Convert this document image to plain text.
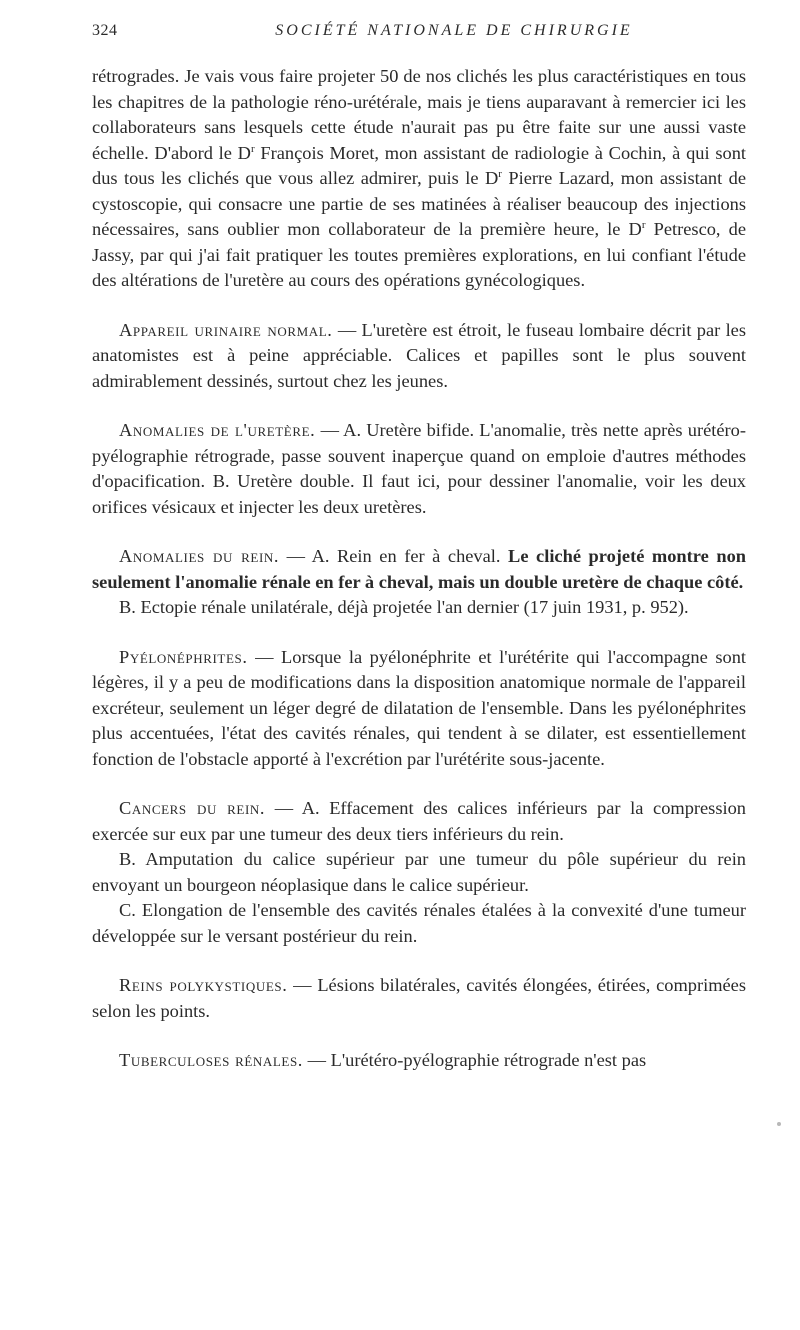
324	SOCIÉTÉ NATIONALE DE CHIRURGIE

rétrogrades. Je vais vous faire projeter 50 de nos clichés les plus caractéristiques en tous les chapitres de la pathologie réno-urétérale, mais je tiens auparavant à remercier ici les collaborateurs sans lesquels cette étude n'aurait pas pu être faite sur une aussi vaste échelle. D'abord le $D^r$ François Moret, mon assistant de radiologie à Cochin, à qui sont dus tous les clichés que vous allez admirer, puis le $D^r$ Pierre Lazard, mon assistant de cystoscopie, qui consacre une partie de ses matinées à réaliser beaucoup des injections nécessaires, sans oublier mon collaborateur de la première heure, le $D^r$ Petresco, de Jassy, par qui j'ai fait pratiquer les toutes premières explorations, en lui confiant l'étude des altérations de l'uretère au cours des opérations gynécologiques.

Appareil urinaire normal. — L'uretère est étroit, le fuseau lombaire décrit par les anatomistes est à peine appréciable. Calices et papilles sont le plus souvent admirablement dessinés, surtout chez les jeunes.

Anomalies de l'uretère. — A. Uretère bifide. L'anomalie, très nette après urétéro-pyélographie rétrograde, passe souvent inaperçue quand on emploie d'autres méthodes d'opacification. B. Uretère double. Il faut ici, pour dessiner l'anomalie, voir les deux orifices vésicaux et injecter les deux uretères.

Anomalies du rein. — A. Rein en fer à cheval. Le cliché projeté montre non seulement l'anomalie rénale en fer à cheval, mais un double uretère de chaque côté.

B. Ectopie rénale unilatérale, déjà projetée l'an dernier (17 juin 1931, p. 952).

Pyélonéphrites. — Lorsque la pyélonéphrite et l'urétérite qui l'accompagne sont légères, il y a peu de modifications dans la disposition anatomique normale de l'appareil excréteur, seulement un léger degré de dilatation de l'ensemble. Dans les pyélonéphrites plus accentuées, l'état des cavités rénales, qui tendent à se dilater, est essentiellement fonction de l'obstacle apporté à l'excrétion par l'urétérite sous-jacente.

Cancers du rein. — A. Effacement des calices inférieurs par la compression exercée sur eux par une tumeur des deux tiers inférieurs du rein.

B. Amputation du calice supérieur par une tumeur du pôle supérieur du rein envoyant un bourgeon néoplasique dans le calice supérieur.

C. Elongation de l'ensemble des cavités rénales étalées à la convexité d'une tumeur développée sur le versant postérieur du rein.

Reins polykystiques. — Lésions bilatérales, cavités élongées, étirées, comprimées selon les points.

Tuberculoses rénales. — L'urétéro-pyélographie rétrograde n'est pas
